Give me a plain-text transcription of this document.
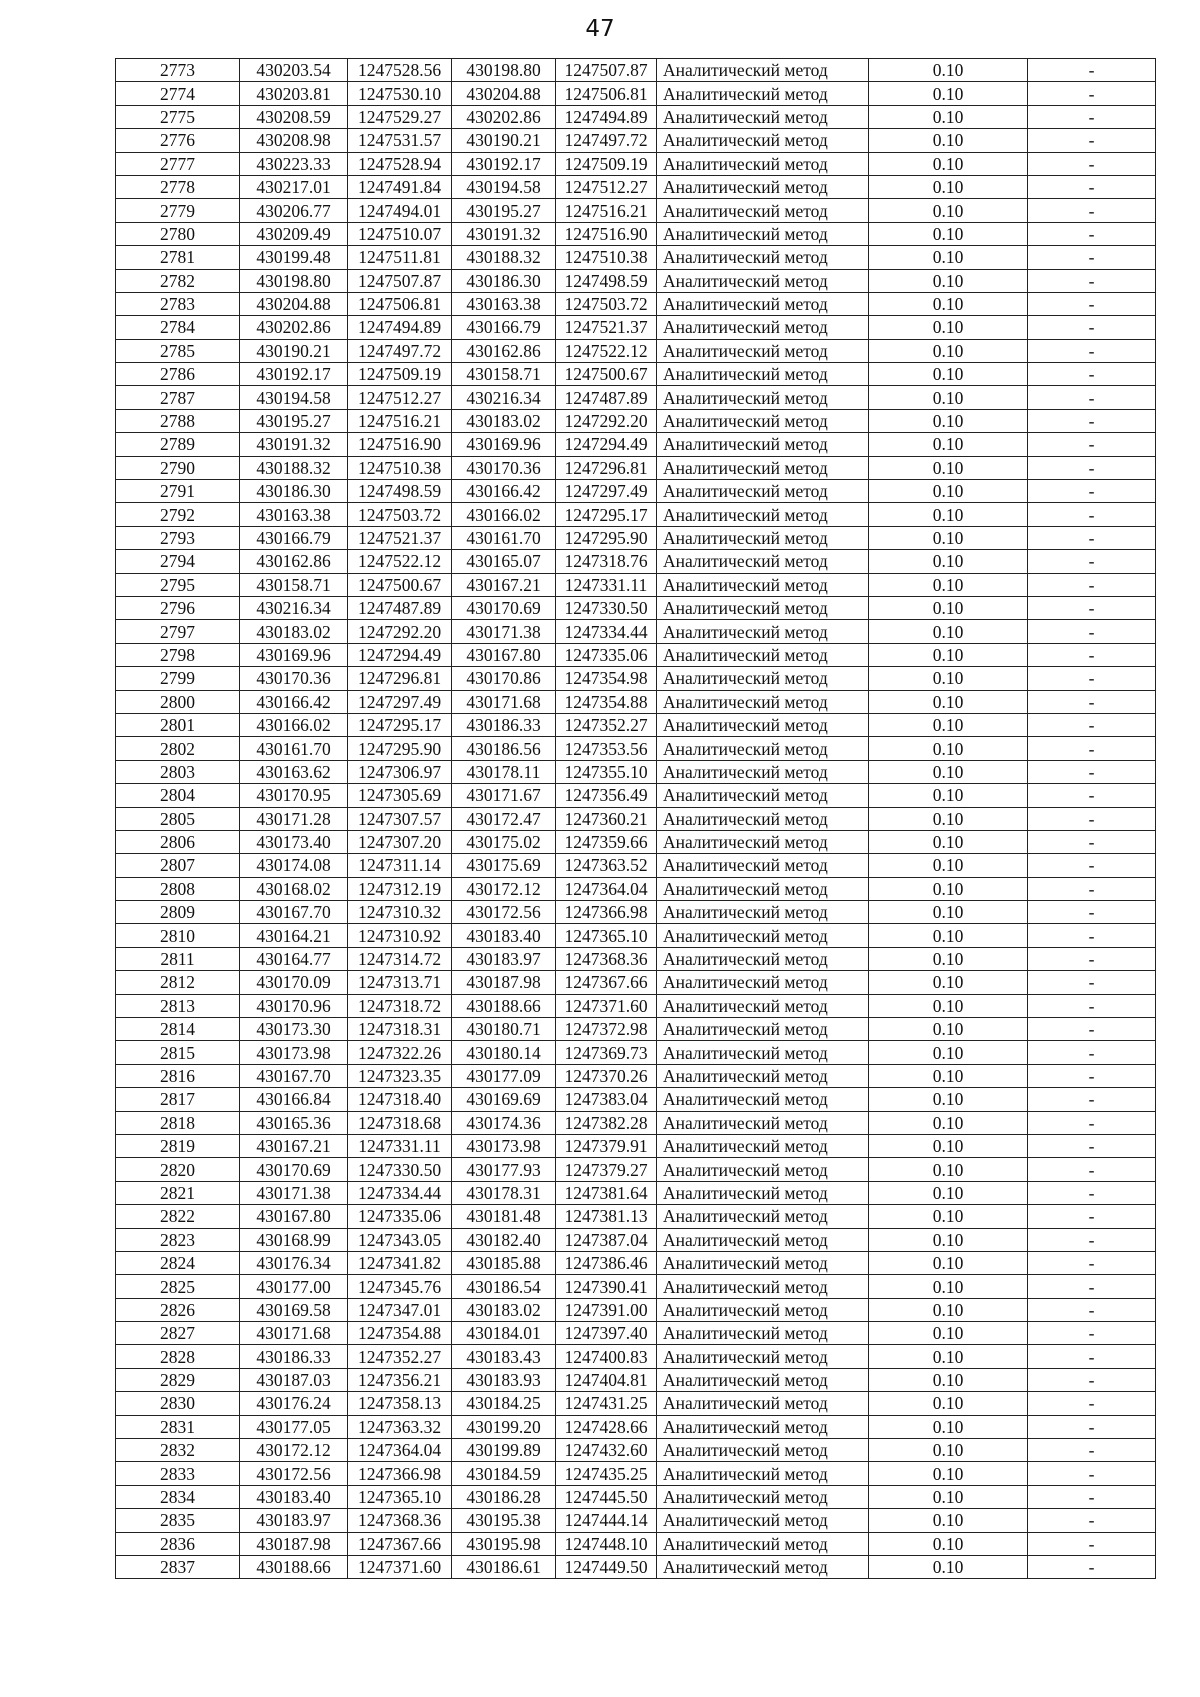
47
2773	430203.54	1247528.56	430198.80	1247507.87	Аналитический метод	0.10	-
2774	430203.81	1247530.10	430204.88	1247506.81	Аналитический метод	0.10	-
2775	430208.59	1247529.27	430202.86	1247494.89	Аналитический метод	0.10	-
2776	430208.98	1247531.57	430190.21	1247497.72	Аналитический метод	0.10	-
2777	430223.33	1247528.94	430192.17	1247509.19	Аналитический метод	0.10	-
2778	430217.01	1247491.84	430194.58	1247512.27	Аналитический метод	0.10	-
2779	430206.77	1247494.01	430195.27	1247516.21	Аналитический метод	0.10	-
2780	430209.49	1247510.07	430191.32	1247516.90	Аналитический метод	0.10	-
2781	430199.48	1247511.81	430188.32	1247510.38	Аналитический метод	0.10	-
2782	430198.80	1247507.87	430186.30	1247498.59	Аналитический метод	0.10	-
2783	430204.88	1247506.81	430163.38	1247503.72	Аналитический метод	0.10	-
2784	430202.86	1247494.89	430166.79	1247521.37	Аналитический метод	0.10	-
2785	430190.21	1247497.72	430162.86	1247522.12	Аналитический метод	0.10	-
2786	430192.17	1247509.19	430158.71	1247500.67	Аналитический метод	0.10	-
2787	430194.58	1247512.27	430216.34	1247487.89	Аналитический метод	0.10	-
2788	430195.27	1247516.21	430183.02	1247292.20	Аналитический метод	0.10	-
2789	430191.32	1247516.90	430169.96	1247294.49	Аналитический метод	0.10	-
2790	430188.32	1247510.38	430170.36	1247296.81	Аналитический метод	0.10	-
2791	430186.30	1247498.59	430166.42	1247297.49	Аналитический метод	0.10	-
2792	430163.38	1247503.72	430166.02	1247295.17	Аналитический метод	0.10	-
2793	430166.79	1247521.37	430161.70	1247295.90	Аналитический метод	0.10	-
2794	430162.86	1247522.12	430165.07	1247318.76	Аналитический метод	0.10	-
2795	430158.71	1247500.67	430167.21	1247331.11	Аналитический метод	0.10	-
2796	430216.34	1247487.89	430170.69	1247330.50	Аналитический метод	0.10	-
2797	430183.02	1247292.20	430171.38	1247334.44	Аналитический метод	0.10	-
2798	430169.96	1247294.49	430167.80	1247335.06	Аналитический метод	0.10	-
2799	430170.36	1247296.81	430170.86	1247354.98	Аналитический метод	0.10	-
2800	430166.42	1247297.49	430171.68	1247354.88	Аналитический метод	0.10	-
2801	430166.02	1247295.17	430186.33	1247352.27	Аналитический метод	0.10	-
2802	430161.70	1247295.90	430186.56	1247353.56	Аналитический метод	0.10	-
2803	430163.62	1247306.97	430178.11	1247355.10	Аналитический метод	0.10	-
2804	430170.95	1247305.69	430171.67	1247356.49	Аналитический метод	0.10	-
2805	430171.28	1247307.57	430172.47	1247360.21	Аналитический метод	0.10	-
2806	430173.40	1247307.20	430175.02	1247359.66	Аналитический метод	0.10	-
2807	430174.08	1247311.14	430175.69	1247363.52	Аналитический метод	0.10	-
2808	430168.02	1247312.19	430172.12	1247364.04	Аналитический метод	0.10	-
2809	430167.70	1247310.32	430172.56	1247366.98	Аналитический метод	0.10	-
2810	430164.21	1247310.92	430183.40	1247365.10	Аналитический метод	0.10	-
2811	430164.77	1247314.72	430183.97	1247368.36	Аналитический метод	0.10	-
2812	430170.09	1247313.71	430187.98	1247367.66	Аналитический метод	0.10	-
2813	430170.96	1247318.72	430188.66	1247371.60	Аналитический метод	0.10	-
2814	430173.30	1247318.31	430180.71	1247372.98	Аналитический метод	0.10	-
2815	430173.98	1247322.26	430180.14	1247369.73	Аналитический метод	0.10	-
2816	430167.70	1247323.35	430177.09	1247370.26	Аналитический метод	0.10	-
2817	430166.84	1247318.40	430169.69	1247383.04	Аналитический метод	0.10	-
2818	430165.36	1247318.68	430174.36	1247382.28	Аналитический метод	0.10	-
2819	430167.21	1247331.11	430173.98	1247379.91	Аналитический метод	0.10	-
2820	430170.69	1247330.50	430177.93	1247379.27	Аналитический метод	0.10	-
2821	430171.38	1247334.44	430178.31	1247381.64	Аналитический метод	0.10	-
2822	430167.80	1247335.06	430181.48	1247381.13	Аналитический метод	0.10	-
2823	430168.99	1247343.05	430182.40	1247387.04	Аналитический метод	0.10	-
2824	430176.34	1247341.82	430185.88	1247386.46	Аналитический метод	0.10	-
2825	430177.00	1247345.76	430186.54	1247390.41	Аналитический метод	0.10	-
2826	430169.58	1247347.01	430183.02	1247391.00	Аналитический метод	0.10	-
2827	430171.68	1247354.88	430184.01	1247397.40	Аналитический метод	0.10	-
2828	430186.33	1247352.27	430183.43	1247400.83	Аналитический метод	0.10	-
2829	430187.03	1247356.21	430183.93	1247404.81	Аналитический метод	0.10	-
2830	430176.24	1247358.13	430184.25	1247431.25	Аналитический метод	0.10	-
2831	430177.05	1247363.32	430199.20	1247428.66	Аналитический метод	0.10	-
2832	430172.12	1247364.04	430199.89	1247432.60	Аналитический метод	0.10	-
2833	430172.56	1247366.98	430184.59	1247435.25	Аналитический метод	0.10	-
2834	430183.40	1247365.10	430186.28	1247445.50	Аналитический метод	0.10	-
2835	430183.97	1247368.36	430195.38	1247444.14	Аналитический метод	0.10	-
2836	430187.98	1247367.66	430195.98	1247448.10	Аналитический метод	0.10	-
2837	430188.66	1247371.60	430186.61	1247449.50	Аналитический метод	0.10	-
